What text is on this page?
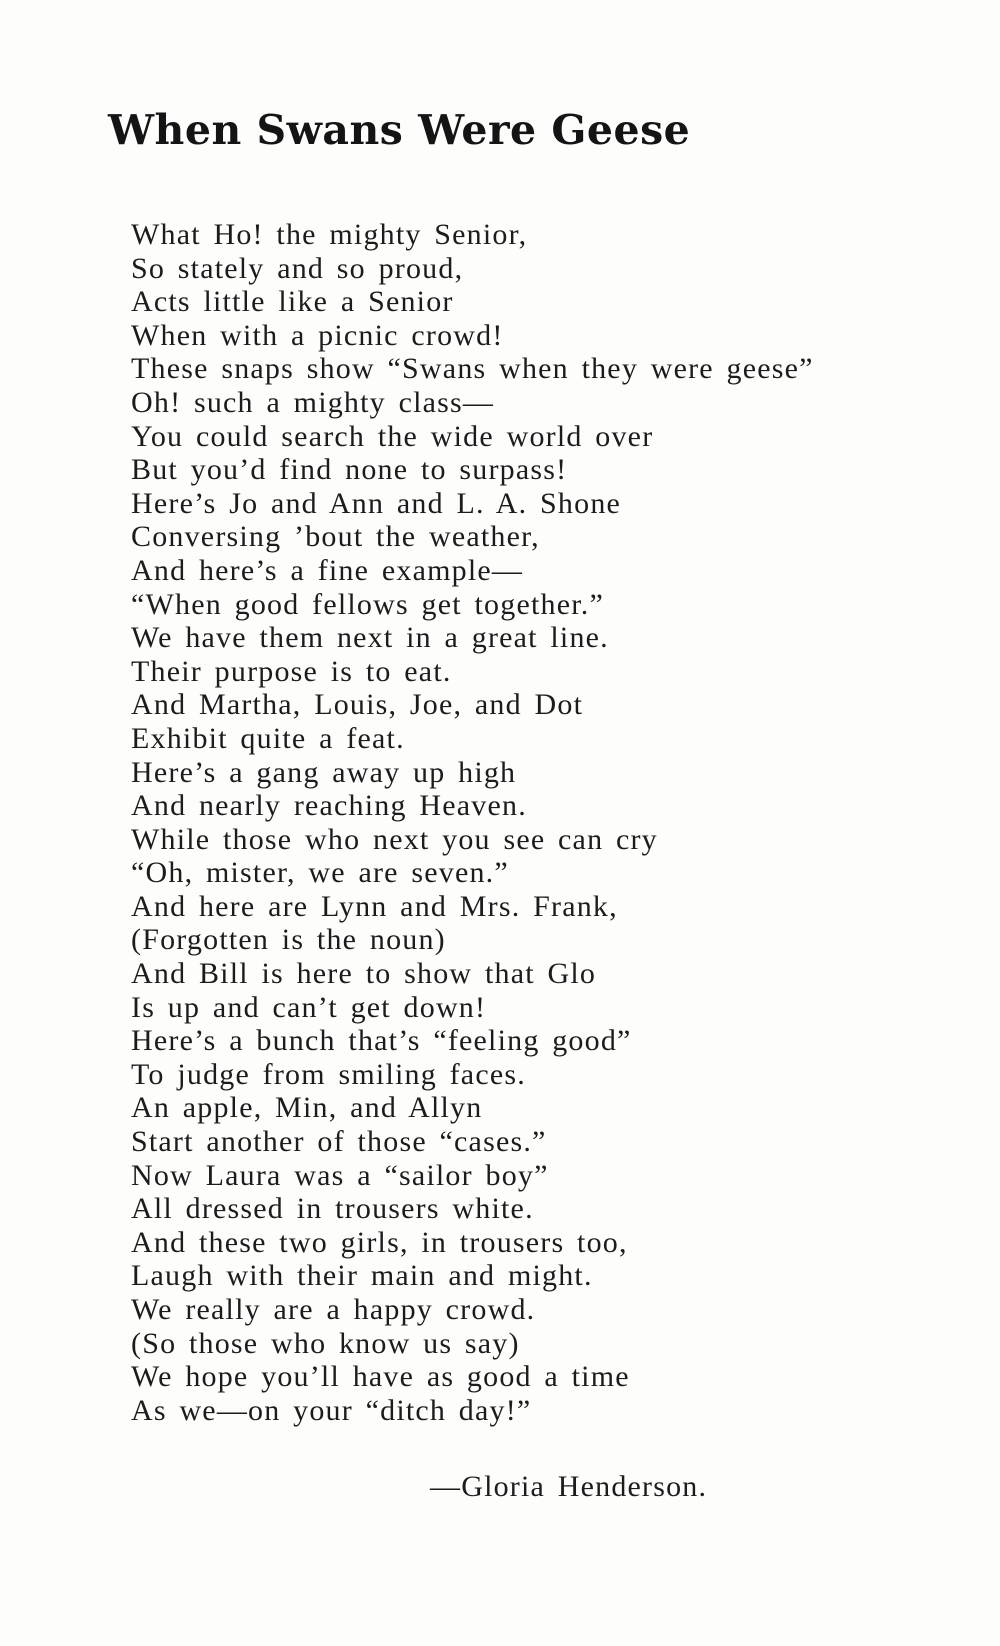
When Swans Were Geese
What Ho! the mighty Senior,
So stately and so proud,
Acts little like a Senior
When with a picnic crowd!
These snaps show “Swans when they were geese”
Oh! such a mighty class—
You could search the wide world over
But you’d find none to surpass!
Here’s Jo and Ann and L. A. Shone
Conversing ’bout the weather,
And here’s a fine example—
“When good fellows get together.”
We have them next in a great line.
Their purpose is to eat.
And Martha, Louis, Joe, and Dot
Exhibit quite a feat.
Here’s a gang away up high
And nearly reaching Heaven.
While those who next you see can cry
“Oh, mister, we are seven.”
And here are Lynn and Mrs. Frank,
(Forgotten is the noun)
And Bill is here to show that Glo
Is up and can’t get down!
Here’s a bunch that’s “feeling good”
To judge from smiling faces.
An apple, Min, and Allyn
Start another of those “cases.”
Now Laura was a “sailor boy”
All dressed in trousers white.
And these two girls, in trousers too,
Laugh with their main and might.
We really are a happy crowd.
(So those who know us say)
We hope you’ll have as good a time
As we—on your “ditch day!”
—Gloria Henderson.
